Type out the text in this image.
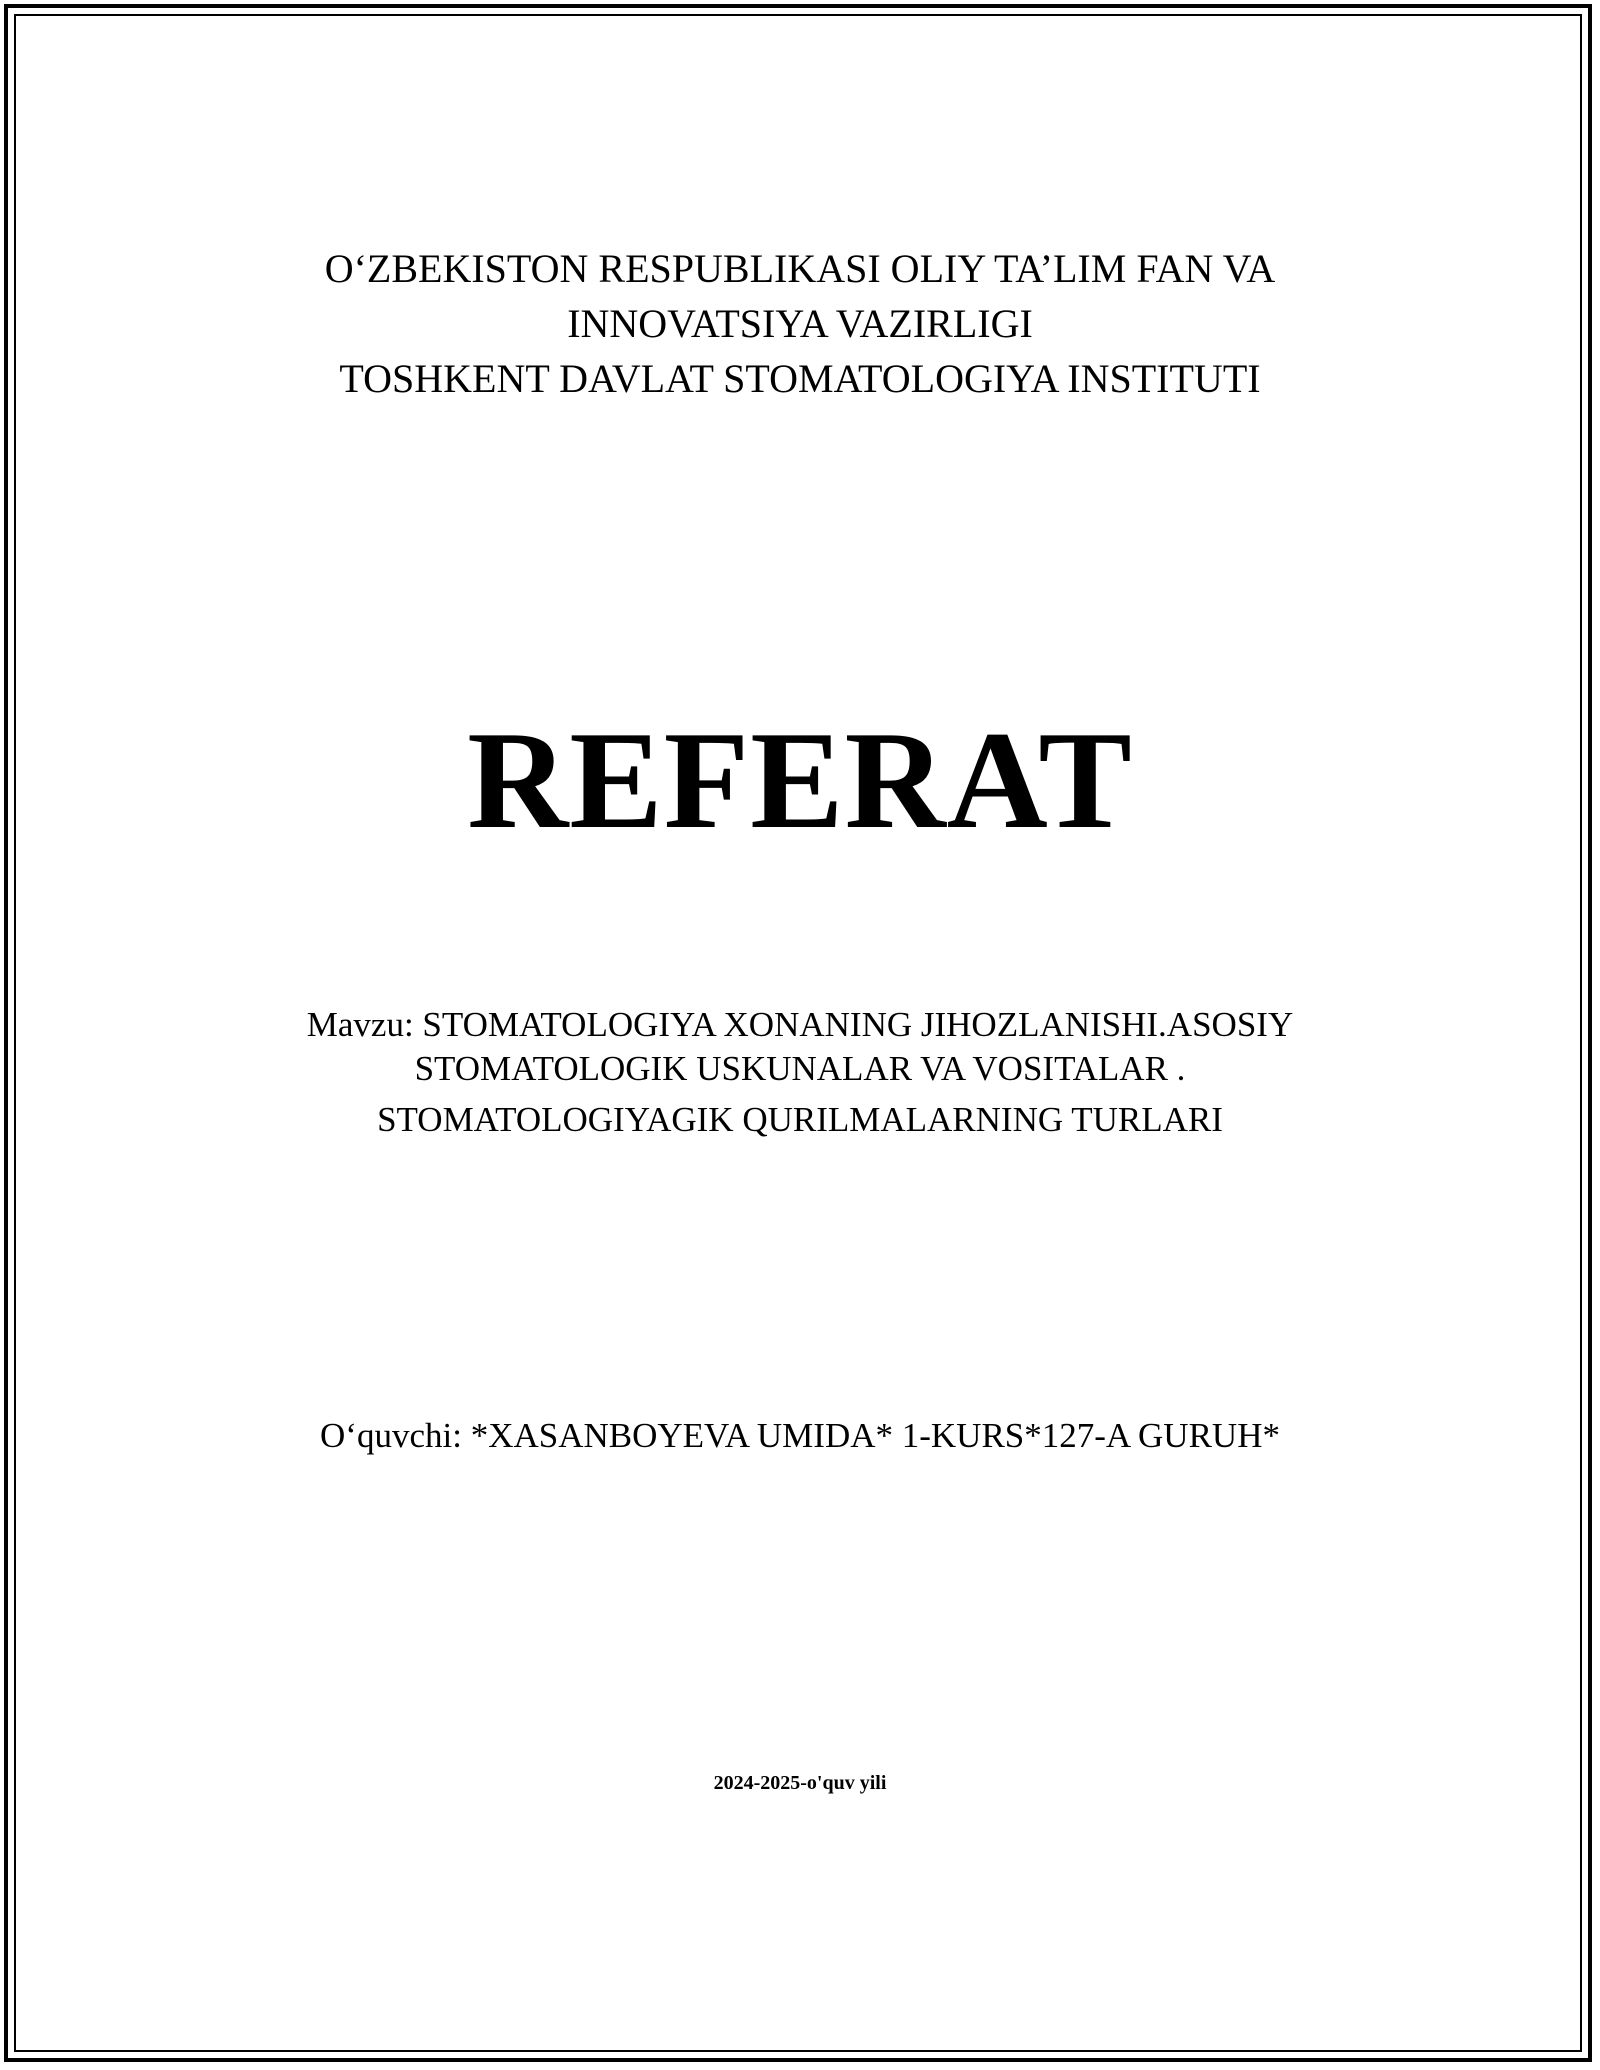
O‘ZBEKISTON RESPUBLIKASI OLIY TA’LIM FAN VA
INNOVATSIYA VAZIRLIGI
TOSHKENT DAVLAT STOMATOLOGIYA INSTITUTI
REFERAT
Mavzu: STOMATOLOGIYA XONANING JIHOZLANISHI.ASOSIY
STOMATOLOGIK USKUNALAR VA VOSITALAR .
STOMATOLOGIYAGIK QURILMALARNING TURLARI
O‘quvchi: *XASANBOYEVA UMIDA* 1-KURS*127-A GURUH*
2024-2025-o'quv yili
